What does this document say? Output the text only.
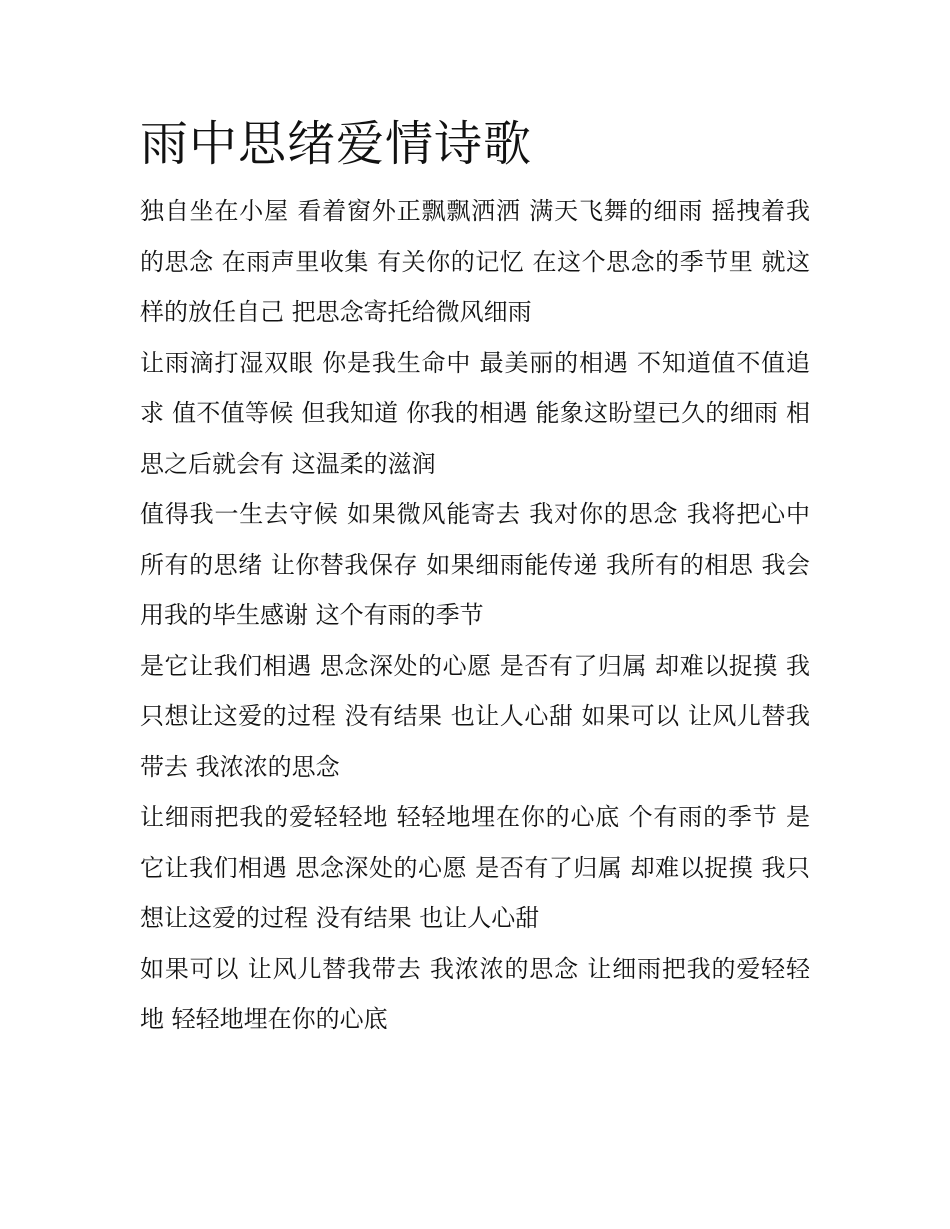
雨中思绪爱情诗歌

独自坐在小屋 看着窗外正飘飘洒洒 满天飞舞的细雨 摇拽着我的思念 在雨声里收集 有关你的记忆 在这个思念的季节里 就这样的放任自己 把思念寄托给微风细雨

让雨滴打湿双眼 你是我生命中 最美丽的相遇 不知道值不值追求 值不值等候 但我知道 你我的相遇 能象这盼望已久的细雨 相思之后就会有 这温柔的滋润

值得我一生去守候 如果微风能寄去 我对你的思念 我将把心中所有的思绪 让你替我保存 如果细雨能传递 我所有的相思 我会用我的毕生感谢 这个有雨的季节

是它让我们相遇 思念深处的心愿 是否有了归属 却难以捉摸 我只想让这爱的过程 没有结果 也让人心甜 如果可以 让风儿替我带去 我浓浓的思念

让细雨把我的爱轻轻地 轻轻地埋在你的心底 个有雨的季节 是它让我们相遇 思念深处的心愿 是否有了归属 却难以捉摸 我只想让这爱的过程 没有结果 也让人心甜

如果可以 让风儿替我带去 我浓浓的思念 让细雨把我的爱轻轻地 轻轻地埋在你的心底
